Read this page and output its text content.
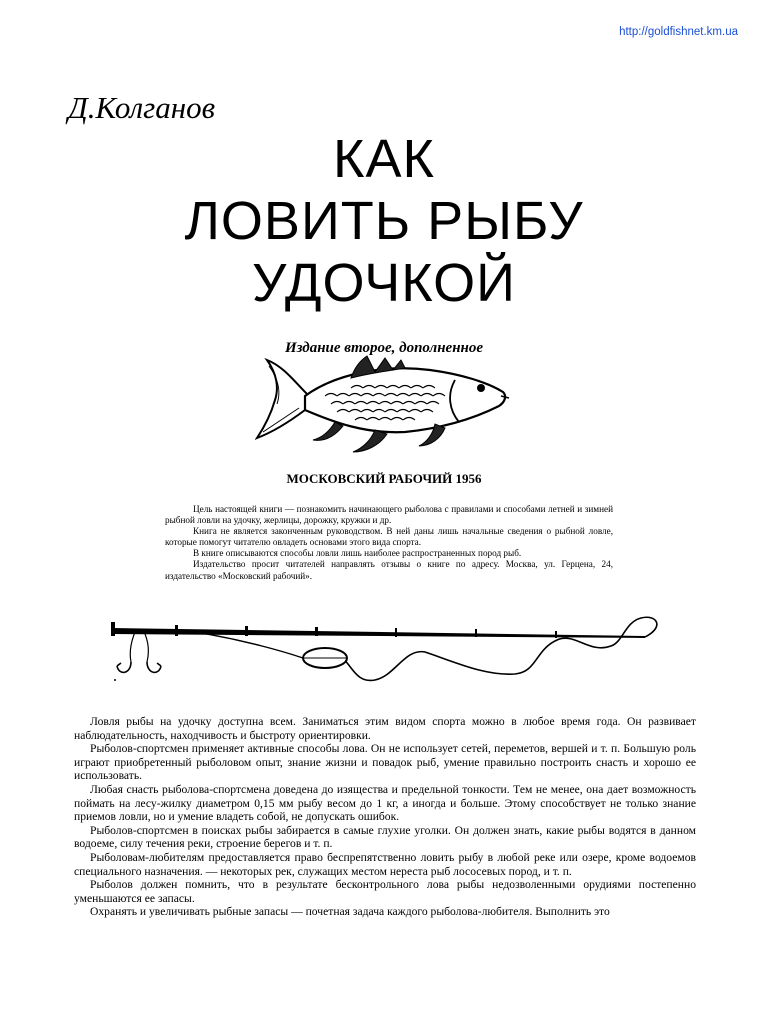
http://goldfishnet.km.ua
Д.Колганов
КАК
ЛОВИТЬ РЫБУ
УДОЧКОЙ
Издание второе, дополненное
МОСКОВСКИЙ РАБОЧИЙ 1956

Цель настоящей книги — познакомить начинающего рыболова с правилами и способами летней и зимней рыбной ловли на удочку, жерлицы, дорожку, кружки и др.

Книга не является законченным руководством. В ней даны лишь начальные сведения о рыбной ловле, которые помогут читателю овладеть основами этого вида спорта.

В книге описываются способы ловли лишь наиболее распространенных пород рыб.

Издательство просит читателей направлять отзывы о книге по адресу. Москва, ул. Герцена, 24, издательство «Московский рабочий».

Ловля рыбы на удочку доступна всем. Заниматься этим видом спорта можно в любое время года. Он развивает наблюдательность, находчивость и быстроту ориентировки.

Рыболов-спортсмен применяет активные способы лова. Он не использует сетей, переметов, вершей и т. п. Большую роль играют приобретенный рыболовом опыт, знание жизни и повадок рыб, умение правильно построить снасть и хорошо ее использовать.

Любая снасть рыболова-спортсмена доведена до изящества и предельной тонкости. Тем не менее, она дает возможность поймать на лесу-жилку диаметром 0,15 мм рыбу весом до 1 кг, а иногда и больше. Этому способствует не только знание приемов ловли, но и умение владеть собой, не допускать ошибок.

Рыболов-спортсмен в поисках рыбы забирается в самые глухие уголки. Он должен знать, какие рыбы водятся в данном водоеме, силу течения реки, строение берегов и т. п.

Рыболовам-любителям предоставляется право беспрепятственно ловить рыбу в любой реке или озере, кроме водоемов специального назначения. — некоторых рек, служащих местом нереста рыб лососевых пород, и т. п.

Рыболов должен помнить, что в результате бесконтрольного лова рыбы недозволенными орудиями постепенно уменьшаются ее запасы.

Охранять и увеличивать рыбные запасы — почетная задача каждого рыболова-любителя. Выполнить это
